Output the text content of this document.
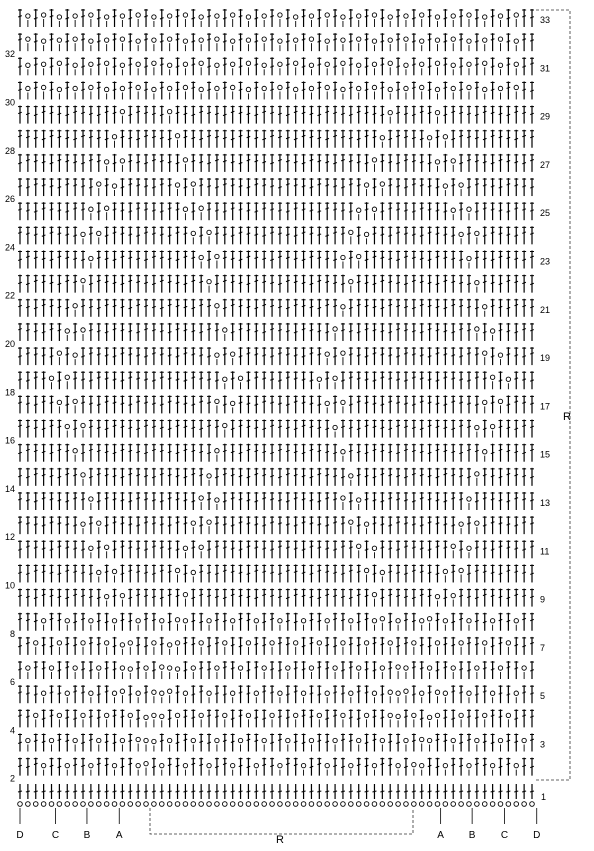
R
R
1
3
5
7
9
11
13
15
17
19
21
23
25
27
29
31
33
2
4
6
8
10
12
14
16
18
20
22
24
26
28
30
32
D	C B	A	A B	C	D
